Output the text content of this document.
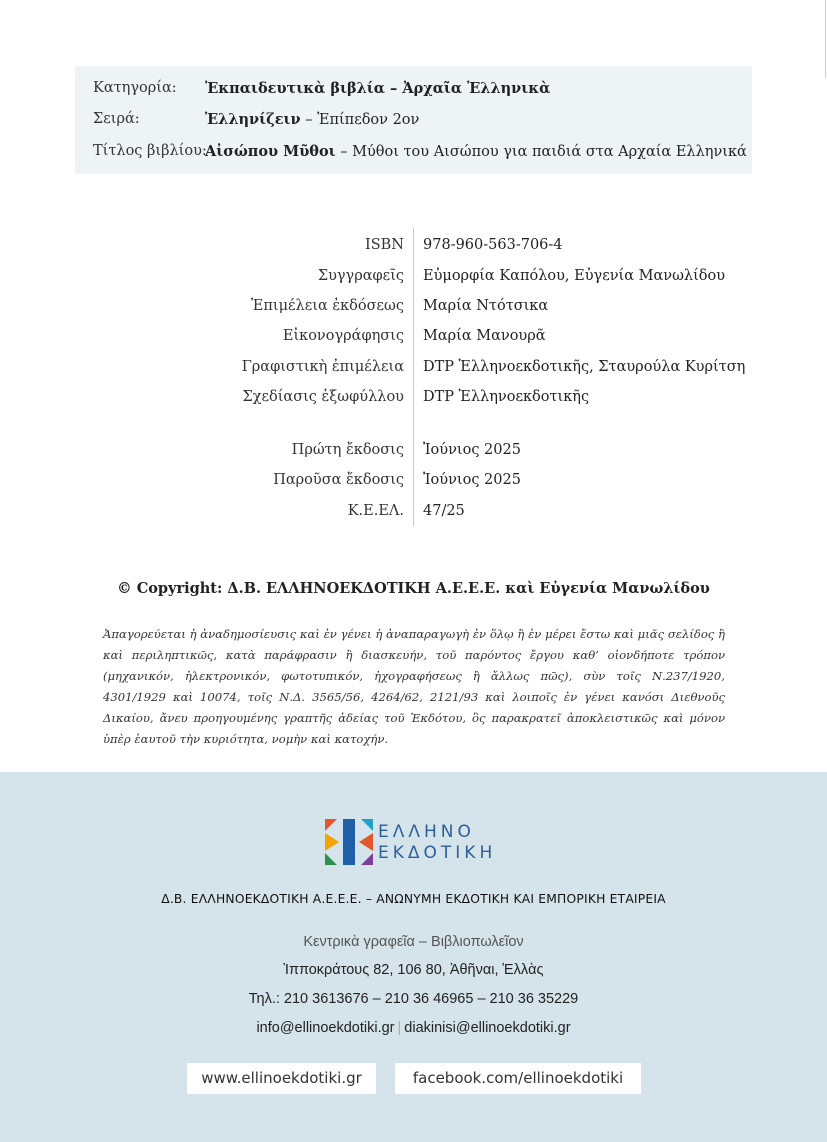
Κατηγορία: Ἐκπαιδευτικὰ βιβλία – Ἀρχαῖα Ἑλληνικὰ
Σειρά:	Ἑλληνίζειν – Ἐπίπεδον 2ον
Τίτλος βιβλίου:
Αἰσώπου Μῦθοι – Μύθοι του Αισώπου για παιδιά στα Αρχαία Ελληνικά
ISBN 978-960-563-706-4
Συγγραφεῖς Εὐμορφία Καπόλου, Εὐγενία Μανωλίδου
Ἐπιμέλεια ἐκδόσεως Μαρία Ντότσικα
Εἰκονογράφησις Μαρία Μανουρᾶ
Γραφιστικὴ ἐπιμέλεια DTP Ἑλληνοεκδοτικῆς, Σταυρούλα Κυρίτση
Σχεδίασις ἐξωφύλλου DTP Ἑλληνοεκδοτικῆς
Πρώτη ἔκδοσις Ἰούνιος 2025
Παροῦσα ἔκδοσις Ἰούνιος 2025
Κ.Ε.ΕΛ. 47/25
© Copyright: Δ.Β. ΕΛΛΗΝΟΕΚΔΟΤΙΚΗ Α.Ε.Ε.Ε. καὶ Εὐγενία Μανωλίδου
Ἀπαγορεύεται ἡ ἀναδημοσίευσις καὶ ἐν γένει ἡ ἀναπαραγωγὴ ἐν ὅλῳ ἢ ἐν μέρει ἔστω καὶ μιᾶς σελίδος ἢ καὶ περιληπτικῶς, κατὰ παράφρασιν ἢ διασκευήν, τοῦ παρόντος ἔργου καθ’ οἱονδήποτε τρόπον (μηχανικόν, ἠλεκτρονικόν, φωτοτυπικόν, ἠχογραφήσεως ἢ ἄλλως πῶς), σὺν τοῖς Ν.237/1920, 4301/1929 καὶ 10074, τοῖς Ν.Δ. 3565/56, 4264/62, 2121/93 καὶ λοιποῖς ἐν γένει κανόσι Διεθνοῦς Δικαίου, ἄνευ προηγουμένης γραπτῆς ἀδείας τοῦ Ἐκδότου, ὃς παρακρατεῖ ἀποκλειστικῶς καὶ μόνον ὑπὲρ ἑαυτοῦ τὴν κυριότητα, νομὴν καὶ κατοχήν.
ΕΛΛΗΝΟ
ΕΚΔΟΤΙΚΗ
Δ.Β. ΕΛΛΗΝΟΕΚΔΟΤΙΚΗ Α.Ε.Ε.Ε. – ΑΝΩΝΥΜΗ ΕΚΔΟΤΙΚΗ ΚΑΙ ΕΜΠΟΡΙΚΗ ΕΤΑΙΡΕΙΑ
Κεντρικὰ γραφεῖα – Βιβλιοπωλεῖον
Ἱπποκράτους 82, 106 80, Ἀθῆναι, Ἑλλὰς
Τηλ.: 210 3613676 – 210 36 46965 – 210 36 35229
info@ellinoekdotiki.gr | diakinisi@ellinoekdotiki.gr
www.ellinoekdotiki.gr	facebook.com/ellinoekdotiki
